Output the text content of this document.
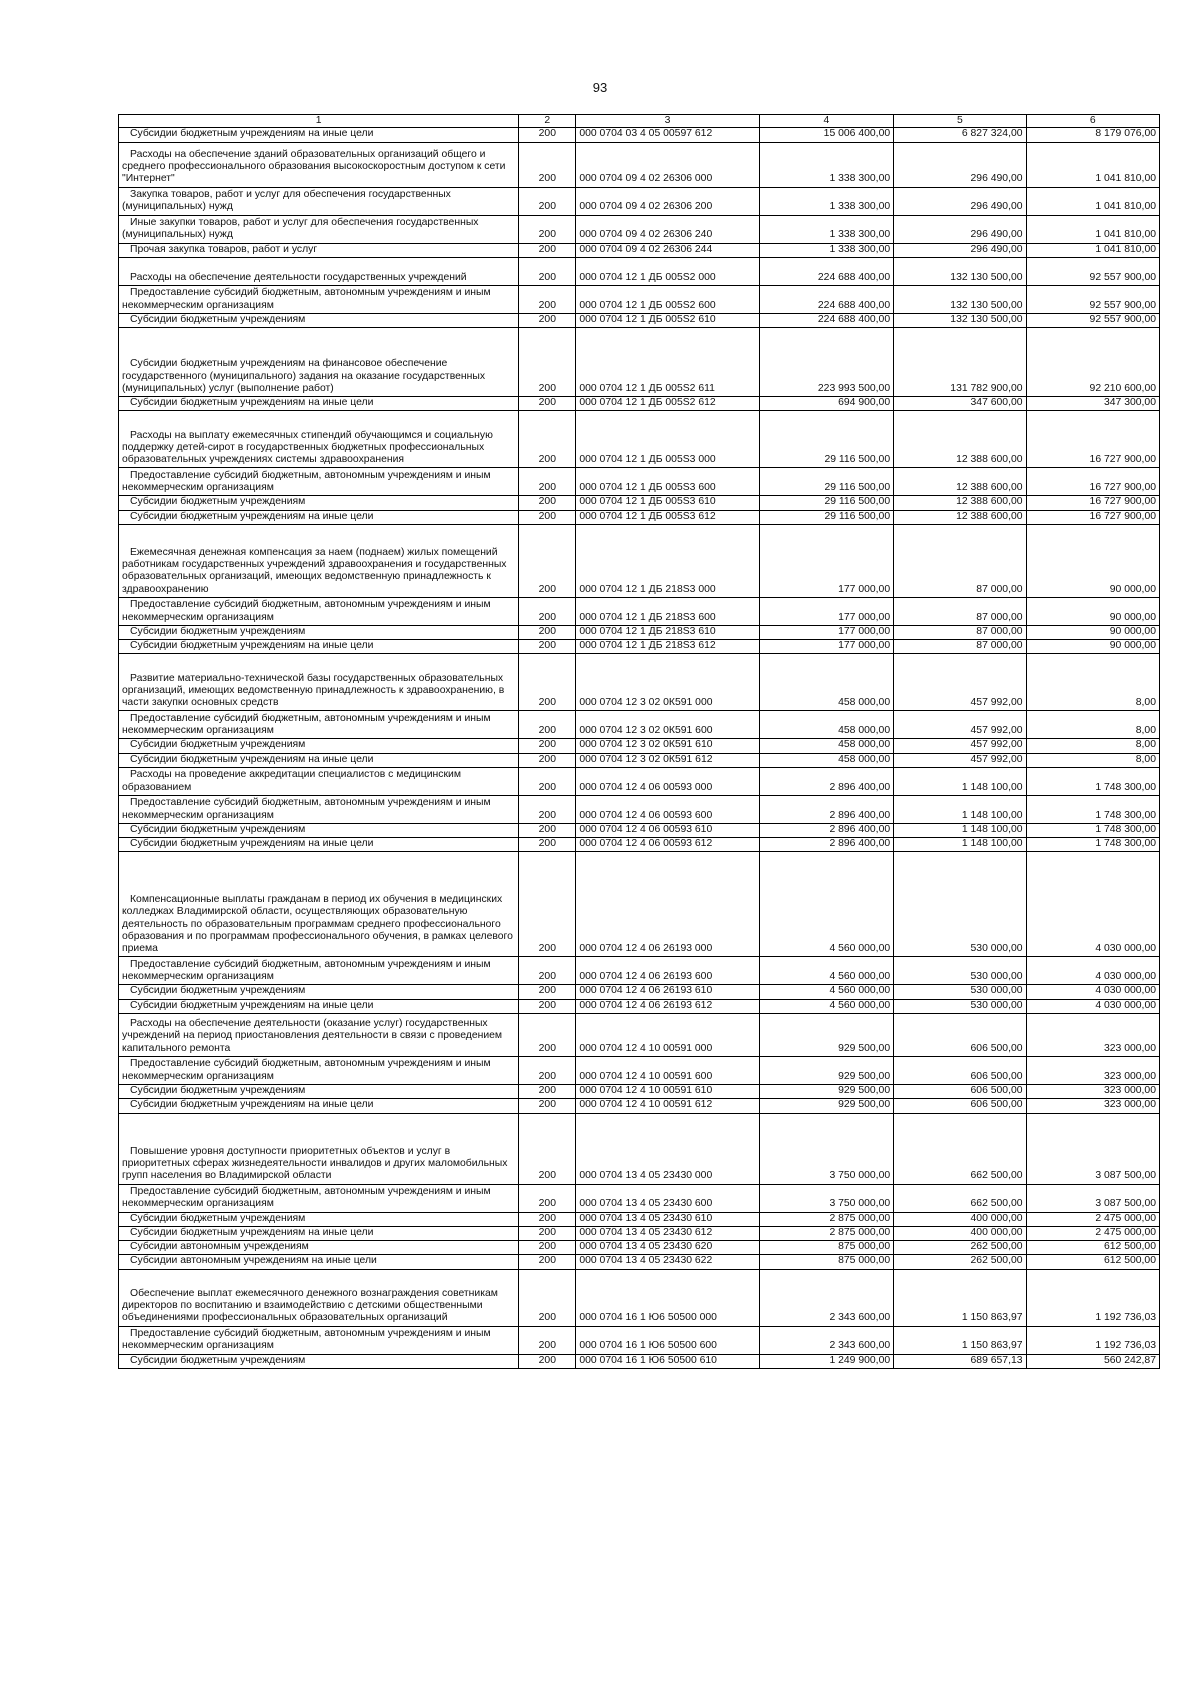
93
1	2	3	4	5	6

Субсидии бюджетным учреждениям на иные цели	200	000 0704 03 4 05 00597 612	15 006 400,00	6 827 324,00	8 179 076,00

Расходы на обеспечение зданий образовательных организаций общего и среднего профессионального образования высокоскоростным доступом к сети "Интернет"	200	000 0704 09 4 02 26306 000	1 338 300,00	296 490,00	1 041 810,00

Закупка товаров, работ и услуг для обеспечения государственных (муниципальных) нужд	200	000 0704 09 4 02 26306 200	1 338 300,00	296 490,00	1 041 810,00

Иные закупки товаров, работ и услуг для обеспечения государственных (муниципальных) нужд	200	000 0704 09 4 02 26306 240	1 338 300,00	296 490,00	1 041 810,00

Прочая закупка товаров, работ и услуг	200	000 0704 09 4 02 26306 244	1 338 300,00	296 490,00	1 041 810,00

Расходы на обеспечение деятельности государственных учреждений	200	000 0704 12 1 ДБ 005S2 000	224 688 400,00	132 130 500,00	92 557 900,00

Предоставление субсидий бюджетным, автономным учреждениям и иным некоммерческим организациям	200	000 0704 12 1 ДБ 005S2 600	224 688 400,00	132 130 500,00	92 557 900,00

Субсидии бюджетным учреждениям	200	000 0704 12 1 ДБ 005S2 610	224 688 400,00	132 130 500,00	92 557 900,00

Субсидии бюджетным учреждениям на финансовое обеспечение государственного (муниципального) задания на оказание государственных (муниципальных) услуг (выполнение работ)	200	000 0704 12 1 ДБ 005S2 611	223 993 500,00	131 782 900,00	92 210 600,00

Субсидии бюджетным учреждениям на иные цели	200	000 0704 12 1 ДБ 005S2 612	694 900,00	347 600,00	347 300,00

Расходы на выплату ежемесячных стипендий обучающимся и социальную поддержку детей-сирот в государственных бюджетных профессиональных образовательных учреждениях системы здравоохранения	200	000 0704 12 1 ДБ 005S3 000	29 116 500,00	12 388 600,00	16 727 900,00

Предоставление субсидий бюджетным, автономным учреждениям и иным некоммерческим организациям	200	000 0704 12 1 ДБ 005S3 600	29 116 500,00	12 388 600,00	16 727 900,00

Субсидии бюджетным учреждениям	200	000 0704 12 1 ДБ 005S3 610	29 116 500,00	12 388 600,00	16 727 900,00

Субсидии бюджетным учреждениям на иные цели	200	000 0704 12 1 ДБ 005S3 612	29 116 500,00	12 388 600,00	16 727 900,00

Ежемесячная денежная компенсация за наем (поднаем) жилых помещений работникам государственных учреждений здравоохранения и государственных образовательных организаций, имеющих ведомственную принадлежность к здравоохранению	200	000 0704 12 1 ДБ 218S3 000	177 000,00	87 000,00	90 000,00

Предоставление субсидий бюджетным, автономным учреждениям и иным некоммерческим организациям	200	000 0704 12 1 ДБ 218S3 600	177 000,00	87 000,00	90 000,00

Субсидии бюджетным учреждениям	200	000 0704 12 1 ДБ 218S3 610	177 000,00	87 000,00	90 000,00

Субсидии бюджетным учреждениям на иные цели	200	000 0704 12 1 ДБ 218S3 612	177 000,00	87 000,00	90 000,00

Развитие материально-технической базы государственных образовательных организаций, имеющих ведомственную принадлежность к здравоохранению, в части закупки основных средств	200	000 0704 12 3 02 0К591 000	458 000,00	457 992,00	8,00

Предоставление субсидий бюджетным, автономным учреждениям и иным некоммерческим организациям	200	000 0704 12 3 02 0К591 600	458 000,00	457 992,00	8,00

Субсидии бюджетным учреждениям	200	000 0704 12 3 02 0К591 610	458 000,00	457 992,00	8,00

Субсидии бюджетным учреждениям на иные цели	200	000 0704 12 3 02 0К591 612	458 000,00	457 992,00	8,00

Расходы на проведение аккредитации специалистов с медицинским образованием	200	000 0704 12 4 06 00593 000	2 896 400,00	1 148 100,00	1 748 300,00

Предоставление субсидий бюджетным, автономным учреждениям и иным некоммерческим организациям	200	000 0704 12 4 06 00593 600	2 896 400,00	1 148 100,00	1 748 300,00

Субсидии бюджетным учреждениям	200	000 0704 12 4 06 00593 610	2 896 400,00	1 148 100,00	1 748 300,00

Субсидии бюджетным учреждениям на иные цели	200	000 0704 12 4 06 00593 612	2 896 400,00	1 148 100,00	1 748 300,00

Компенсационные выплаты гражданам в период их обучения в медицинских колледжах Владимирской области, осуществляющих образовательную деятельность по образовательным программам среднего профессионального образования и по программам профессионального обучения, в рамках целевого приема	200	000 0704 12 4 06 26193 000	4 560 000,00	530 000,00	4 030 000,00

Предоставление субсидий бюджетным, автономным учреждениям и иным некоммерческим организациям	200	000 0704 12 4 06 26193 600	4 560 000,00	530 000,00	4 030 000,00

Субсидии бюджетным учреждениям	200	000 0704 12 4 06 26193 610	4 560 000,00	530 000,00	4 030 000,00

Субсидии бюджетным учреждениям на иные цели	200	000 0704 12 4 06 26193 612	4 560 000,00	530 000,00	4 030 000,00

Расходы на обеспечение деятельности (оказание услуг) государственных учреждений на период приостановления деятельности в связи с проведением капитального ремонта	200	000 0704 12 4 10 00591 000	929 500,00	606 500,00	323 000,00

Предоставление субсидий бюджетным, автономным учреждениям и иным некоммерческим организациям	200	000 0704 12 4 10 00591 600	929 500,00	606 500,00	323 000,00

Субсидии бюджетным учреждениям	200	000 0704 12 4 10 00591 610	929 500,00	606 500,00	323 000,00

Субсидии бюджетным учреждениям на иные цели	200	000 0704 12 4 10 00591 612	929 500,00	606 500,00	323 000,00

Повышение уровня доступности приоритетных объектов и услуг в приоритетных сферах жизнедеятельности инвалидов и других маломобильных групп населения во Владимирской области	200	000 0704 13 4 05 23430 000	3 750 000,00	662 500,00	3 087 500,00

Предоставление субсидий бюджетным, автономным учреждениям и иным некоммерческим организациям	200	000 0704 13 4 05 23430 600	3 750 000,00	662 500,00	3 087 500,00

Субсидии бюджетным учреждениям	200	000 0704 13 4 05 23430 610	2 875 000,00	400 000,00	2 475 000,00

Субсидии бюджетным учреждениям на иные цели	200	000 0704 13 4 05 23430 612	2 875 000,00	400 000,00	2 475 000,00

Субсидии автономным учреждениям	200	000 0704 13 4 05 23430 620	875 000,00	262 500,00	612 500,00

Субсидии автономным учреждениям на иные цели	200	000 0704 13 4 05 23430 622	875 000,00	262 500,00	612 500,00

Обеспечение выплат ежемесячного денежного вознаграждения советникам директоров по воспитанию и взаимодействию с детскими общественными объединениями профессиональных образовательных организаций	200	000 0704 16 1 Ю6 50500 000	2 343 600,00	1 150 863,97	1 192 736,03

Предоставление субсидий бюджетным, автономным учреждениям и иным некоммерческим организациям	200	000 0704 16 1 Ю6 50500 600	2 343 600,00	1 150 863,97	1 192 736,03

Субсидии бюджетным учреждениям	200	000 0704 16 1 Ю6 50500 610	1 249 900,00	689 657,13	560 242,87
